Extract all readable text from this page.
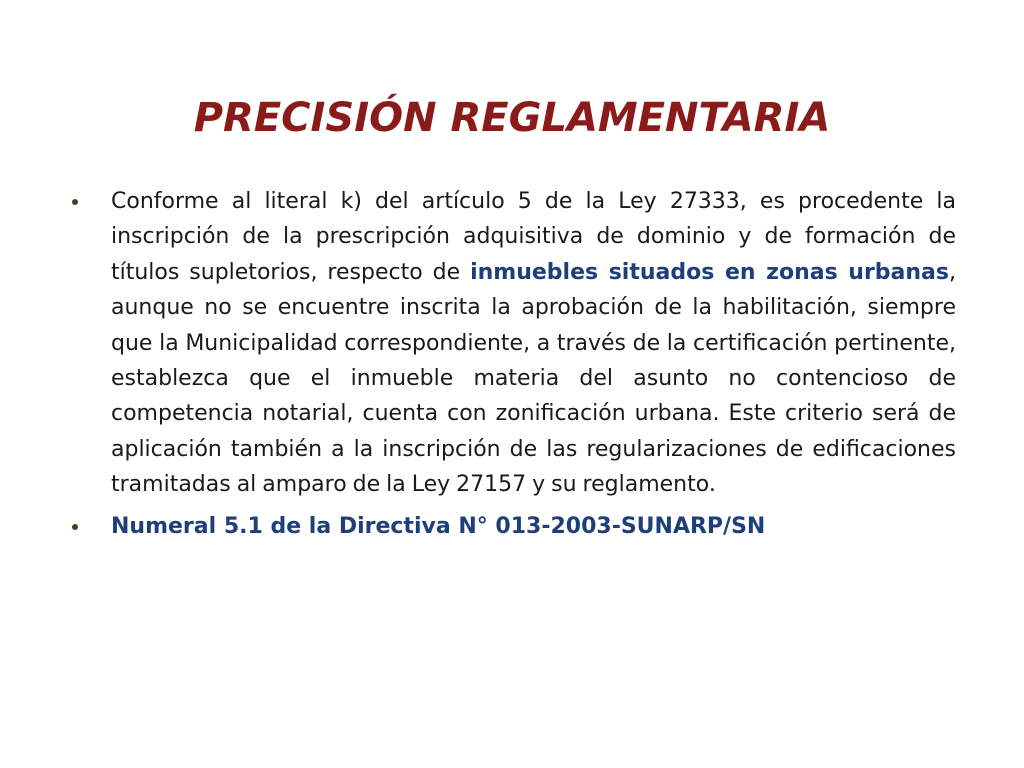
PRECISIÓN REGLAMENTARIA
Conforme al literal k) del artículo 5 de la Ley 27333, es procedente la inscripción de la prescripción adquisitiva de dominio y de formación de títulos supletorios, respecto de inmuebles situados en zonas urbanas, aunque no se encuentre inscrita la aprobación de la habilitación, siempre que la Municipalidad correspondiente, a través de la certificación pertinente, establezca que el inmueble materia del asunto no contencioso de competencia notarial, cuenta con zonificación urbana. Este criterio será de aplicación también a la inscripción de las regularizaciones de edificaciones tramitadas al amparo de la Ley 27157 y su reglamento.
Numeral 5.1 de la Directiva N° 013-2003-SUNARP/SN
